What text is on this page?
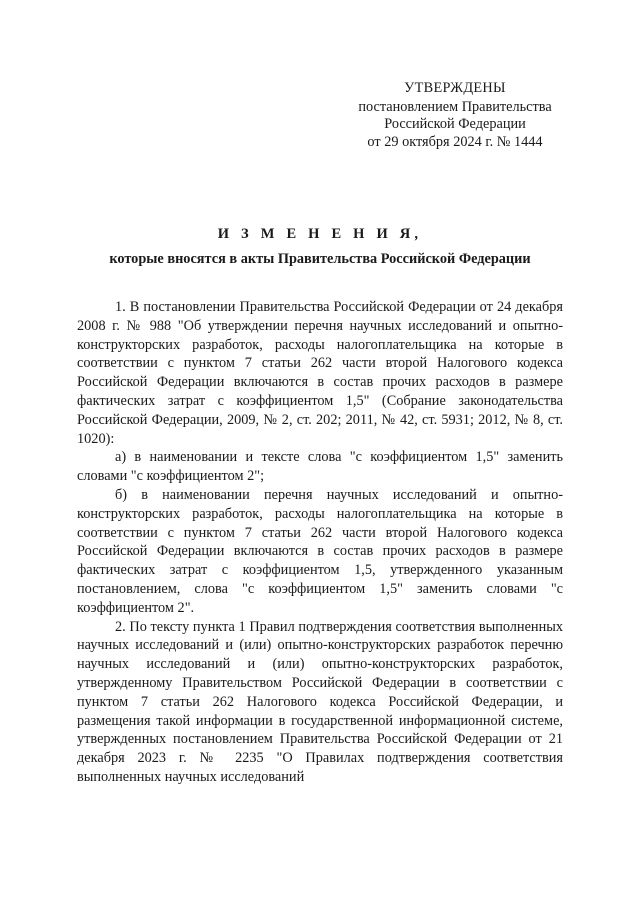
УТВЕРЖДЕНЫ
постановлением Правительства
Российской Федерации
от 29 октября 2024 г. № 1444
И З М Е Н Е Н И Я,
которые вносятся в акты Правительства Российской Федерации

1. В постановлении Правительства Российской Федерации от 24 декабря 2008 г. № 988 "Об утверждении перечня научных исследований и опытно-конструкторских разработок, расходы налогоплательщика на которые в соответствии с пунктом 7 статьи 262 части второй Налогового кодекса Российской Федерации включаются в состав прочих расходов в размере фактических затрат с коэффициентом 1,5" (Собрание законодательства Российской Федерации, 2009, № 2, ст. 202; 2011, № 42, ст. 5931; 2012, № 8, ст. 1020):

а) в наименовании и тексте слова "с коэффициентом 1,5" заменить словами "с коэффициентом 2";

б) в наименовании перечня научных исследований и опытно-конструкторских разработок, расходы налогоплательщика на которые в соответствии с пунктом 7 статьи 262 части второй Налогового кодекса Российской Федерации включаются в состав прочих расходов в размере фактических затрат с коэффициентом 1,5, утвержденного указанным постановлением, слова "с коэффициентом 1,5" заменить словами "с коэффициентом 2".

2. По тексту пункта 1 Правил подтверждения соответствия выполненных научных исследований и (или) опытно-конструкторских разработок перечню научных исследований и (или) опытно-конструкторских разработок, утвержденному Правительством Российской Федерации в соответствии с пунктом 7 статьи 262 Налогового кодекса Российской Федерации, и размещения такой информации в государственной информационной системе, утвержденных постановлением Правительства Российской Федерации от 21 декабря 2023 г. № 2235 "О Правилах подтверждения соответствия выполненных научных исследований
